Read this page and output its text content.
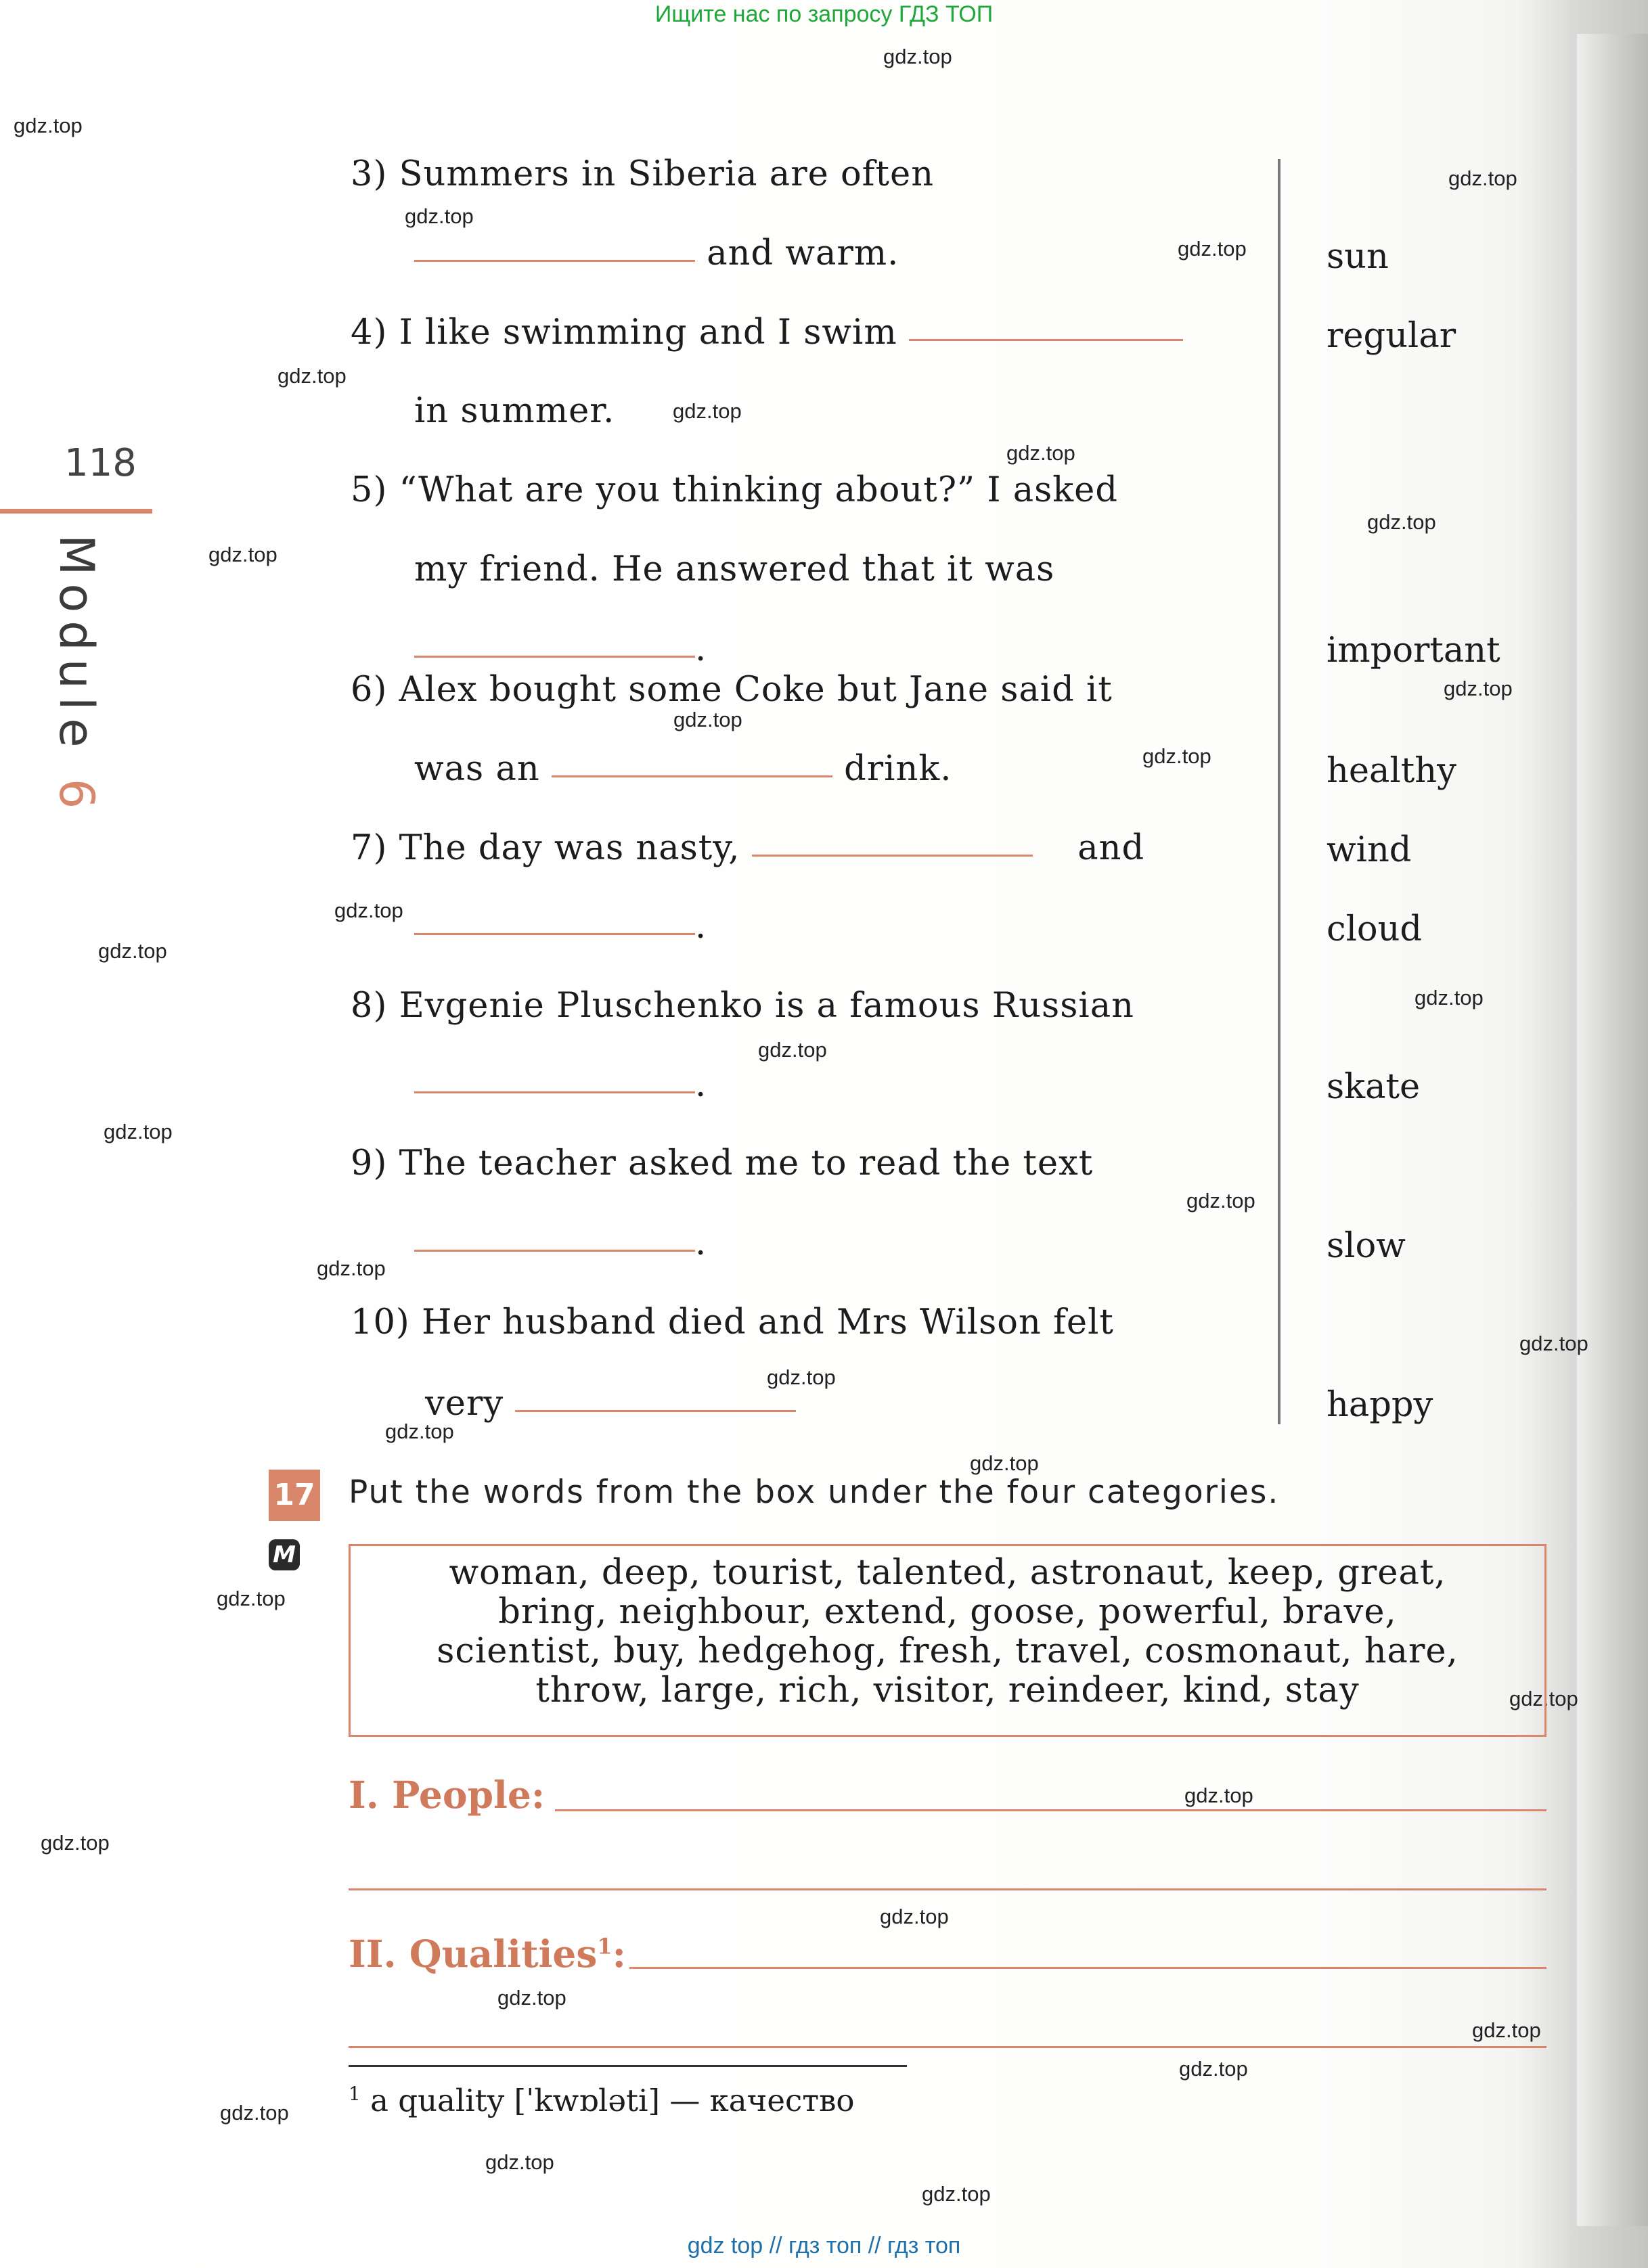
Ищите нас по запросу ГДЗ ТОП
gdz.top
gdz.top
gdz.top
gdz.top
gdz.top
gdz.top
gdz.top
gdz.top
gdz.top
gdz.top
gdz.top
gdz.top
gdz.top
gdz.top
gdz.top
gdz.top
gdz.top
gdz.top
gdz.top
gdz.top
gdz.top
gdz.top
gdz.top
gdz.top
gdz.top
gdz.top
gdz.top
gdz.top
gdz.top
gdz.top
gdz.top
gdz.top
gdz.top
gdz.top
gdz.top
118
Module 6
3) Summers in Siberia are often
and warm.
4) I like swimming and I swim
in summer.
5) “What are you thinking about?” I asked
my friend. He answered that it was
.
6) Alex bought some Coke but Jane said it
was an	drink.
7) The day was nasty,	and
.
8) Evgenie Pluschenko is a famous Russian
.
9) The teacher asked me to read the text
.
10) Her husband died and Mrs Wilson felt
very
sun
regular
important
healthy
wind
cloud
skate
slow
happy
17 Put the words from the box under the four categories.
M	woman, deep, tourist, talented, astronaut, keep, great,
bring, neighbour, extend, goose, powerful, brave,
scientist, buy, hedgehog, fresh, travel, cosmonaut, hare,
throw, large, rich, visitor, reindeer, kind, stay
I. People:
II. Qualities$^1$:
$^1$ a quality [ˈkwɒləti] — качество
gdz top // гдз топ // гдз топ
